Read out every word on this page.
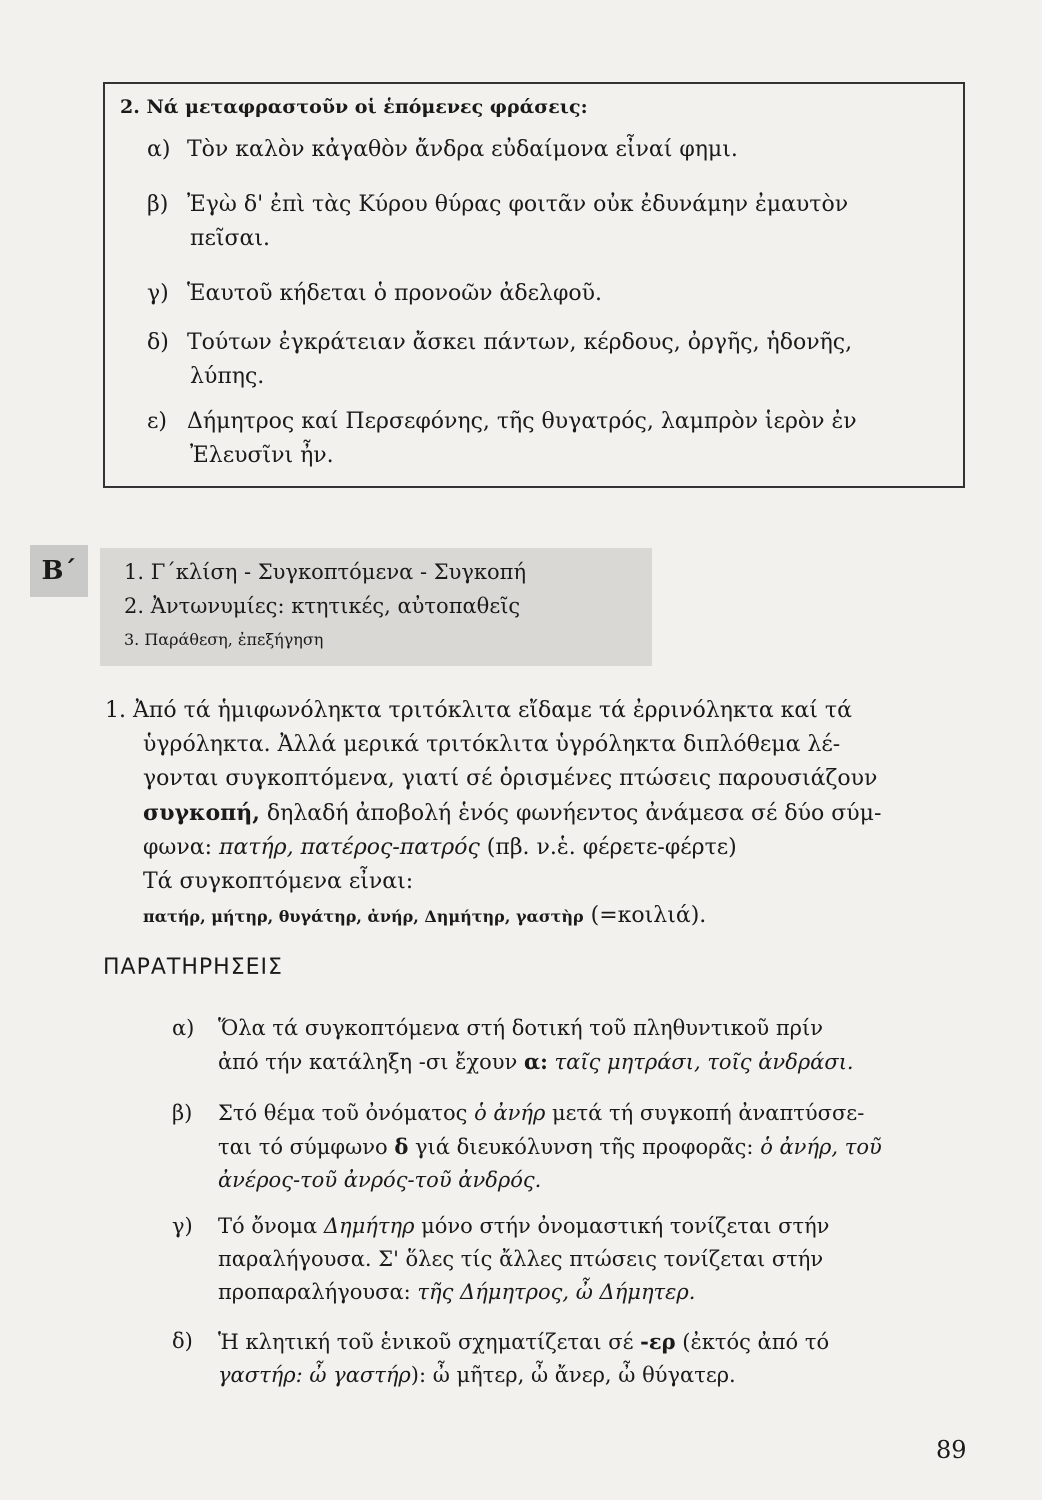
2. Νά μεταφραστοῦν οἱ ἑπόμενες φράσεις:
α) Τὸν καλὸν κἀγαθὸν ἄνδρα εὐδαίμονα εἶναί φημι.
β) Ἐγὼ δ' ἐπὶ τὰς Κύρου θύρας φοιτᾶν οὐκ ἐδυνάμην ἐμαυτὸν
πεῖσαι.
γ) Ἑαυτοῦ κήδεται ὁ προνοῶν ἀδελφοῦ.
δ) Τούτων ἐγκράτειαν ἄσκει πάντων, κέρδους, ὀργῆς, ἡδονῆς,
λύπης.
ε) Δήμητρος καί Περσεφόνης, τῆς θυγατρός, λαμπρὸν ἱερὸν ἐν
Ἐλευσῖνι ἦν.
Β΄	1. Γ΄κλίση - Συγκοπτόμενα - Συγκοπή
2. Ἀντωνυμίες: κτητικές, αὐτοπαθεῖς
3. Παράθεση, ἐπεξήγηση
1. Ἀπό τά ἡμιφωνόληκτα τριτόκλιτα εἴδαμε τά ἐρρινόληκτα καί τά
ὑγρόληκτα. Ἀλλά μερικά τριτόκλιτα ὑγρόληκτα διπλόθεμα λέ-
γονται συγκοπτόμενα, γιατί σέ ὁρισμένες πτώσεις παρουσιάζουν
συγκοπή, δηλαδή ἀποβολή ἑνός φωνήεντος ἀνάμεσα σέ δύο σύμ-
φωνα: πατήρ, πατέρος-πατρός (πβ. ν.ἑ. φέρετε-φέρτε)
Τά συγκοπτόμενα εἶναι:
πατήρ, μήτηρ, θυγάτηρ, ἀνήρ, Δημήτηρ, γαστὴρ (=κοιλιά).
ΠΑΡΑΤΗΡΗΣΕΙΣ
α) Ὅλα τά συγκοπτόμενα στή δοτική τοῦ πληθυντικοῦ πρίν
ἀπό τήν κατάληξη -σι ἔχουν α: ταῖς μητράσι, τοῖς ἀνδράσι.
β) Στό θέμα τοῦ ὀνόματος ὁ ἀνήρ μετά τή συγκοπή ἀναπτύσσε-
ται τό σύμφωνο δ γιά διευκόλυνση τῆς προφορᾶς: ὁ ἀνήρ, τοῦ
ἀνέρος-τοῦ ἀνρός-τοῦ ἀνδρός.
γ) Τό ὄνομα Δημήτηρ μόνο στήν ὀνομαστική τονίζεται στήν
παραλήγουσα. Σ' ὅλες τίς ἄλλες πτώσεις τονίζεται στήν
προπαραλήγουσα: τῆς Δήμητρος, ὦ Δήμητερ.
δ) Ἡ κλητική τοῦ ἑνικοῦ σχηματίζεται σέ -ερ (ἐκτός ἀπό τό
γαστήρ: ὦ γαστήρ): ὦ μῆτερ, ὦ ἄνερ, ὦ θύγατερ.
89
